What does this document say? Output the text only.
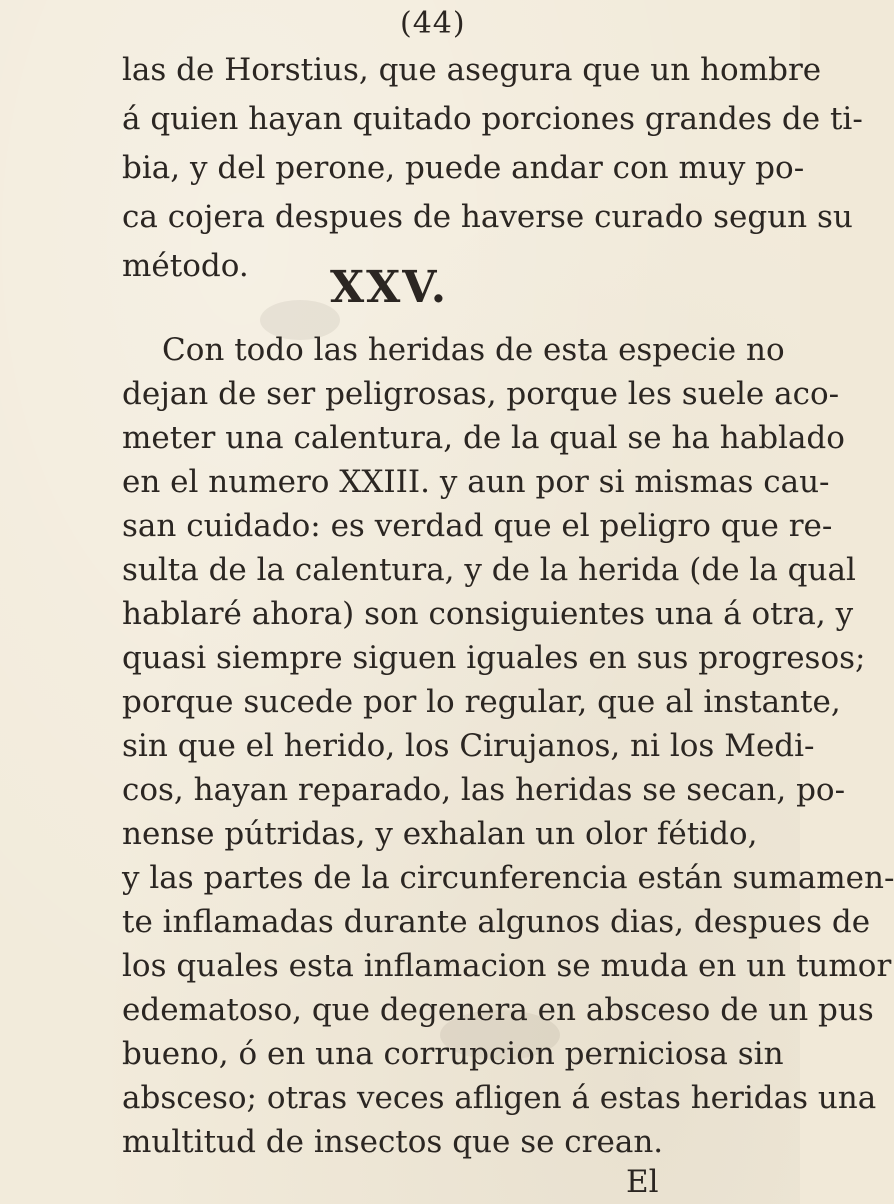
(44)
las de Horstius, que asegura que un hombre
á quien hayan quitado porciones grandes de ti-
bia, y del perone, puede andar con muy po-
ca cojera despues de haverse curado segun su
método.	XXV.
Con todo las heridas de esta especie no
dejan de ser peligrosas, porque les suele aco-
meter una calentura, de la qual se ha hablado
en el numero XXIII. y aun por si mismas cau-
san cuidado: es verdad que el peligro que re-
sulta de la calentura, y de la herida (de la qual
hablaré ahora) son consiguientes una á otra, y
quasi siempre siguen iguales en sus progresos;
porque sucede por lo regular, que al instante,
sin que el herido, los Cirujanos, ni los Medi-
cos, hayan reparado, las heridas se secan, po-
nense pútridas, y exhalan un olor fétido,
y las partes de la circunferencia están sumamen-
te inflamadas durante algunos dias, despues de
los quales esta inflamacion se muda en un tumor
edematoso, que degenera en absceso de un pus
bueno, ó en una corrupcion perniciosa sin
absceso; otras veces afligen á estas heridas una
multitud de insectos que se crean.
El
